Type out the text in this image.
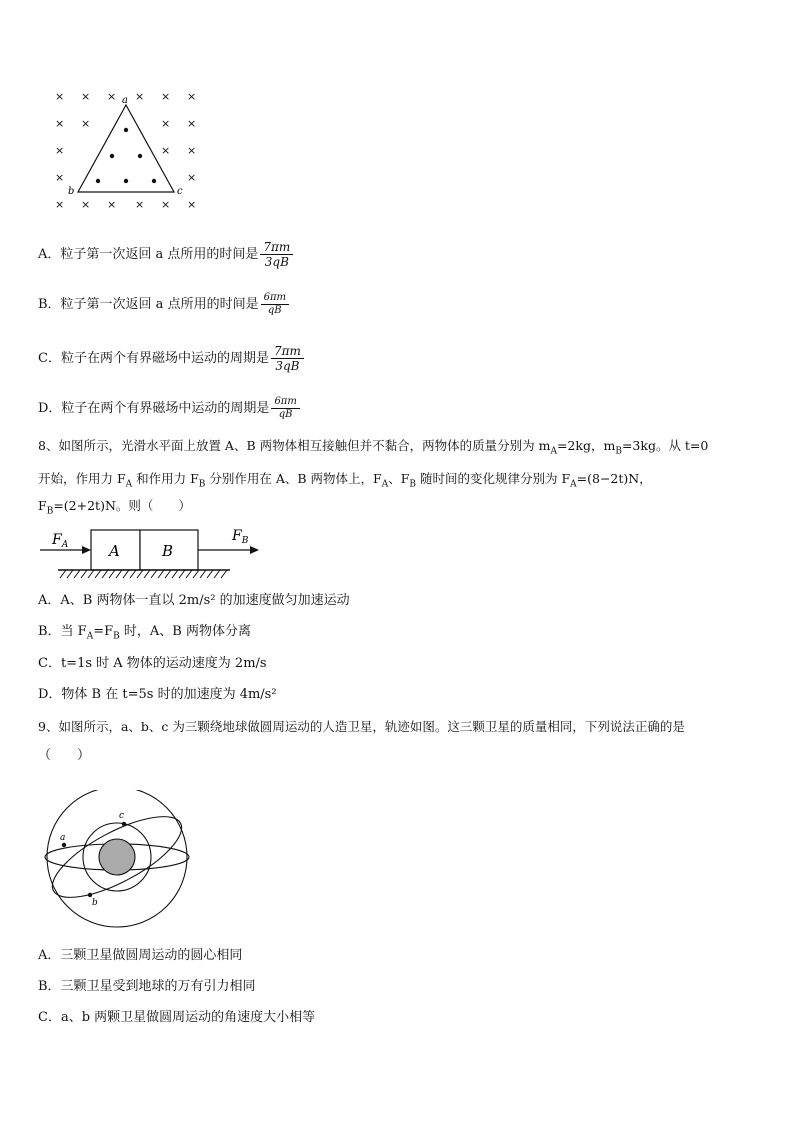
× × × × × ×
× ×	× ×
×	×
×
×	×
× × × × × ×
a
b	c
A．粒子第一次返回 a 点所用的时间是 $\frac{7\pi m}{3qB}$
B．粒子第一次返回 a 点所用的时间是 $\frac{6\pi m}{qB}$
C．粒子在两个有界磁场中运动的周期是 $\frac{7\pi m}{3qB}$
D．粒子在两个有界磁场中运动的周期是 $\frac{6\pi m}{qB}$
8、如图所示，光滑水平面上放置 A、B 两物体相互接触但并不黏合，两物体的质量分别为 $m_A=2kg$，$m_B=3kg$。从 t=0
开始，作用力 $F_A$ 和作用力 $F_B$ 分别作用在 A、B 两物体上，$F_A$、$F_B$ 随时间的变化规律分别为 $F_A=(8-2t)N$，
$F_B=(2+2t)N$。则（　　）
A	B
$F_A$
$F_B$
A．A、B 两物体一直以 2m/s² 的加速度做匀加速运动
B．当 $F_A=F_B$ 时，A、B 两物体分离
C．t=1s 时 A 物体的运动速度为 2m/s
D．物体 B 在 t=5s 时的加速度为 4m/s²
9、如图所示，a、b、c 为三颗绕地球做圆周运动的人造卫星，轨迹如图。这三颗卫星的质量相同，下列说法正确的是
（　　）
a
b
c
A．三颗卫星做圆周运动的圆心相同
B．三颗卫星受到地球的万有引力相同
C．a、b 两颗卫星做圆周运动的角速度大小相等
